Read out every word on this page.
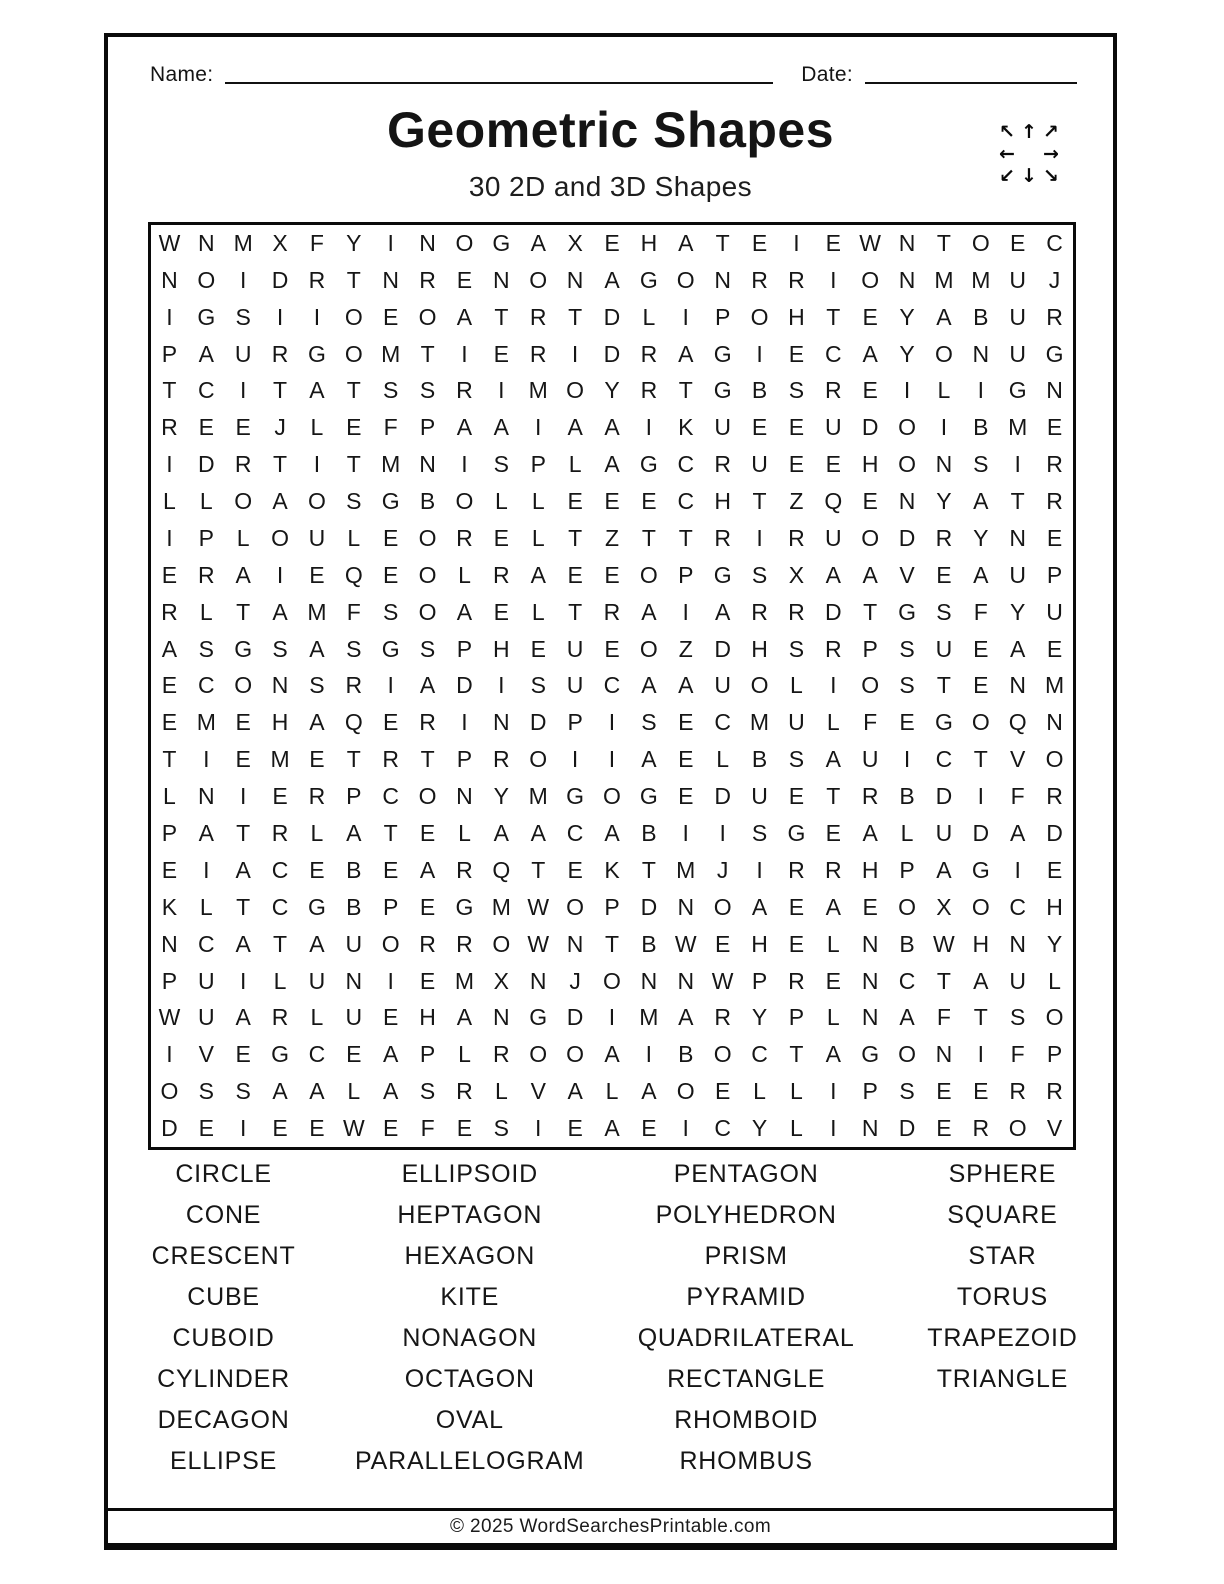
Name:	Date:
Geometric Shapes
30 2D and 3D Shapes
↖ ↑ ↗
← →
↙ ↓ ↘
W N M X F Y	I	N O G A X E H A T E	I	E W N T O E C
N O	I	D R T N R E N O N A G O N R R	I	O N M M U J
I	G S	I	I	O E O A T R T D L	I	P O H T E Y A B U R
P A U R G O M T	I	E R	I	D R A G	I	E C A Y O N U G
T C	I	T A T S S R	I	M O Y R T G B S R E	I	L	I	G N
R E E	J	L E F P A A	I	A A	I	K U E E U D O	I	B M E
I	D R T	I	T M N	I	S P L A G C R U E E H O N S	I	R
L	L O A O S G B O L	L E E E C H T Z Q E N Y A T R
I	P L O U L E O R E L	T Z T T R	I	R U O D R Y N E
E R A	I	E Q E O L R A E E O P G S X A A V E A U P
R L	T A M F S O A E L	T R A	I	A R R D T G S F Y U
A S G S A S G S P H E U E O Z D H S R P S U E A E
E C O N S R	I	A D	I	S U C A A U O L	I	O S T E N M
E M E H A Q E R	I	N D P	I	S E C M U L	F E G O Q N
T	I	E M E T R T P R O	I	I	A E L B S A U	I	C T V O
L N	I	E R P C O N Y M G O G E D U E T R B D	I	F R
P A T R L A T E L A A C A B	I	I	S G E A L U D A D
E	I	A C E B E A R Q T E K T M J	I	R R H P A G	I	E
K L	T C G B P E G M W O P D N O A E A E O X O C H
N C A T A U O R R O W N T B W E H E L N B W H N Y
P U	I	L U N	I	E M X N J O N N W P R E N C T A U L
W U A R L U E H A N G D	I	M A R Y P L N A F T S O
I	V E G C E A P L R O O A	I	B O C T A G O N	I	F P
O S S A A L A S R L V A L A O E L	L	I	P S E E R R
D E	I	E E W E F E S	I	E A E	I	C Y L	I	N D E R O V
CIRCLE
CONE
CRESCENT
CUBE
CUBOID
CYLINDER
DECAGON
ELLIPSE
ELLIPSOID
HEPTAGON
HEXAGON
KITE
NONAGON
OCTAGON
OVAL
PARALLELOGRAM
PENTAGON
POLYHEDRON
PRISM
PYRAMID
QUADRILATERAL
RECTANGLE
RHOMBOID
RHOMBUS
SPHERE
SQUARE
STAR
TORUS
TRAPEZOID
TRIANGLE
© 2025 WordSearchesPrintable.com
